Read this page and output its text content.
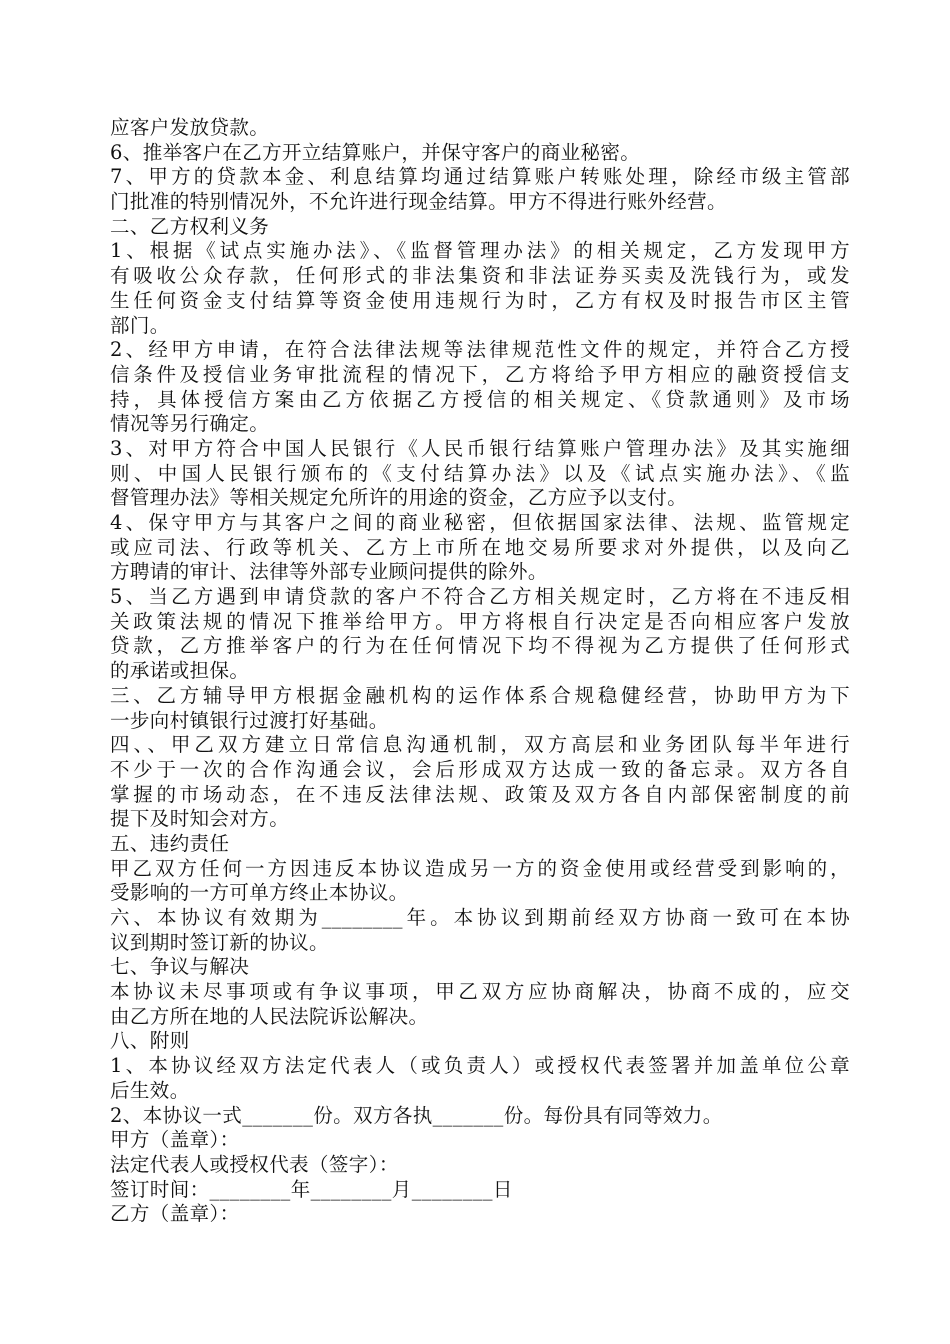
应客户发放贷款。
6、推举客户在乙方开立结算账户，并保守客户的商业秘密。
7、甲方的贷款本金、利息结算均通过结算账户转账处理，除经市级主管部
门批准的特别情况外，不允许进行现金结算。甲方不得进行账外经营。
二、乙方权利义务
1、根据《试点实施办法》、《监督管理办法》的相关规定，乙方发现甲方
有吸收公众存款，任何形式的非法集资和非法证券买卖及洗钱行为，或发
生任何资金支付结算等资金使用违规行为时，乙方有权及时报告市区主管
部门。
2、经甲方申请，在符合法律法规等法律规范性文件的规定，并符合乙方授
信条件及授信业务审批流程的情况下，乙方将给予甲方相应的融资授信支
持，具体授信方案由乙方依据乙方授信的相关规定、《贷款通则》及市场
情况等另行确定。
3、对甲方符合中国人民银行《人民币银行结算账户管理办法》及其实施细
则、中国人民银行颁布的《支付结算办法》以及《试点实施办法》、《监
督管理办法》等相关规定允所许的用途的资金，乙方应予以支付。
4、保守甲方与其客户之间的商业秘密，但依据国家法律、法规、监管规定
或应司法、行政等机关、乙方上市所在地交易所要求对外提供，以及向乙
方聘请的审计、法律等外部专业顾问提供的除外。
5、当乙方遇到申请贷款的客户不符合乙方相关规定时，乙方将在不违反相
关政策法规的情况下推举给甲方。甲方将根自行决定是否向相应客户发放
贷款，乙方推举客户的行为在任何情况下均不得视为乙方提供了任何形式
的承诺或担保。
三、乙方辅导甲方根据金融机构的运作体系合规稳健经营，协助甲方为下
一步向村镇银行过渡打好基础。
四、、甲乙双方建立日常信息沟通机制，双方高层和业务团队每半年进行
不少于一次的合作沟通会议，会后形成双方达成一致的备忘录。双方各自
掌握的市场动态，在不违反法律法规、政策及双方各自内部保密制度的前
提下及时知会对方。
五、违约责任
甲乙双方任何一方因违反本协议造成另一方的资金使用或经营受到影响的，
受影响的一方可单方终止本协议。
六、本协议有效期为________年。本协议到期前经双方协商一致可在本协
议到期时签订新的协议。
七、争议与解决
本协议未尽事项或有争议事项，甲乙双方应协商解决，协商不成的，应交
由乙方所在地的人民法院诉讼解决。
八、附则
1、本协议经双方法定代表人（或负责人）或授权代表签署并加盖单位公章
后生效。
2、本协议一式_______份。双方各执_______份。每份具有同等效力。
甲方（盖章）：
法定代表人或授权代表（签字）：
签订时间：________年________月________日
乙方（盖章）：
